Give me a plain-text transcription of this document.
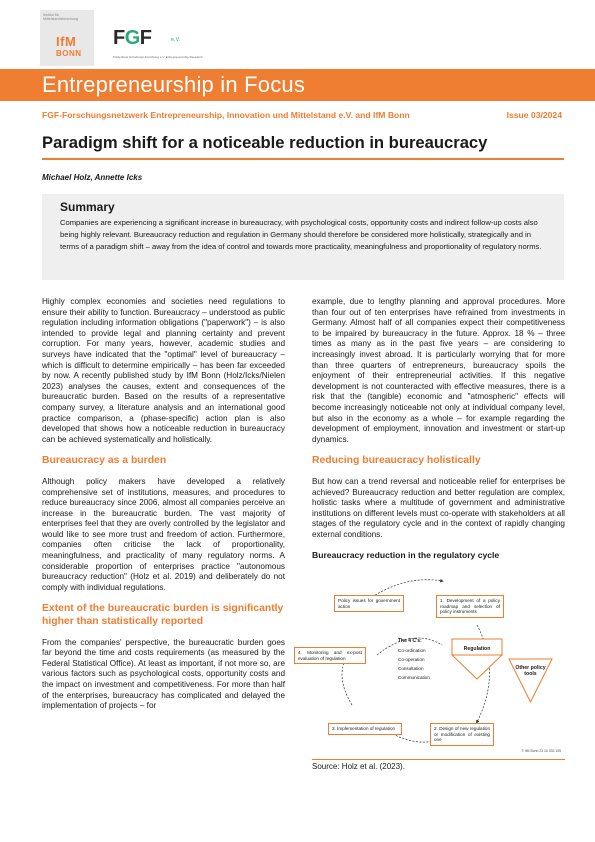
Institut für Mittelstandsforschung
IfM
BONN
FGF	e.V.
Förderkreis Gründungs-Forschung e.V. Entrepreneurship Research
Entrepreneurship in Focus
FGF-Forschungsnetzwerk Entrepreneurship, Innovation und Mittelstand e.V. and IfM Bonn	Issue 03/2024
Paradigm shift for a noticeable reduction in bureaucracy
Michael Holz, Annette Icks
Summary

Companies are experiencing a significant increase in bureaucracy, with psychological costs, opportunity costs and indirect follow-up costs also being highly relevant. Bureaucracy reduction and regulation in Germany should therefore be considered more holistically, strategically and in terms of a paradigm shift – away from the idea of control and towards more practicality, meaningfulness and proportionality of regulatory norms.

Highly complex economies and societies need regulations to ensure their ability to function. Bureaucracy – understood as public regulation including information obligations ("paperwork") – is also intended to provide legal and planning certainty and prevent corruption. For many years, however, academic studies and surveys have indicated that the "optimal" level of bureaucracy – which is difficult to determine empirically – has been far exceeded by now. A recently published study by IfM Bonn (Holz/Icks/Nielen 2023) analyses the causes, extent and consequences of the bureaucratic burden. Based on the results of a representative company survey, a literature analysis and an international good practice comparison, a (phase-specific) action plan is also developed that shows how a noticeable reduction in bureaucracy can be achieved systematically and holistically.

Bureaucracy as a burden

Although policy makers have developed a relatively comprehensive set of institutions, measures, and procedures to reduce bureaucracy since 2006, almost all companies perceive an increase in the bureaucratic burden. The vast majority of enterprises feel that they are overly controlled by the legislator and would like to see more trust and freedom of action. Furthermore, companies often criticise the lack of proportionality, meaningfulness, and practicality of many regulatory norms. A considerable proportion of enterprises practice "autonomous bureaucracy reduction" (Holz et al. 2019) and deliberately do not comply with individual regulations.

Extent of the bureaucratic burden is significantly higher than statistically reported

From the companies' perspective, the bureaucratic burden goes far beyond the time and costs requirements (as measured by the Federal Statistical Office). At least as important, if not more so, are various factors such as psychological costs, opportunity costs and the impact on investment and competitiveness. For more than half of the enterprises, bureaucracy has complicated and delayed the implementation of projects – for

example, due to lengthy planning and approval procedures. More than four out of ten enterprises have refrained from investments in Germany. Almost half of all companies expect their competitiveness to be impaired by bureaucracy in the future. Approx. 18 % – three times as many as in the past five years – are considering to increasingly invest abroad. It is particularly worrying that for more than three quarters of entrepreneurs, bureaucracy spoils the enjoyment of their entrepreneurial activities. If this negative development is not counteracted with effective measures, there is a risk that the (tangible) economic and "atmospheric" effects will become increasingly noticeable not only at individual company level, but also in the economy as a whole – for example regarding the development of employment, innovation and investment or start-up dynamics.

Reducing bureaucracy holistically

But how can a trend reversal and noticeable relief for enterprises be achieved? Bureaucracy reduction and better regulation are complex, holistic tasks where a multitude of government and administrative institutions on different levels must co-operate with stakeholders at all stages of the regulatory cycle and in the context of rapidly changing external conditions.

Bureaucracy reduction in the regulatory cycle
Policy issues for government action
1. Development of a policy roadmap and selection of policy instruments
4. Monitoring and ex-post evaluation of regulation
3. Implementation of regulation	2. Design of new regulation or modification of existing one
The 4 C's:
Co-ordination
Co-operation
Consultation
Communication
Regulation
Other policy tools
© IfM Bonn 23 16 033 105
Source: Holz et al. (2023).
